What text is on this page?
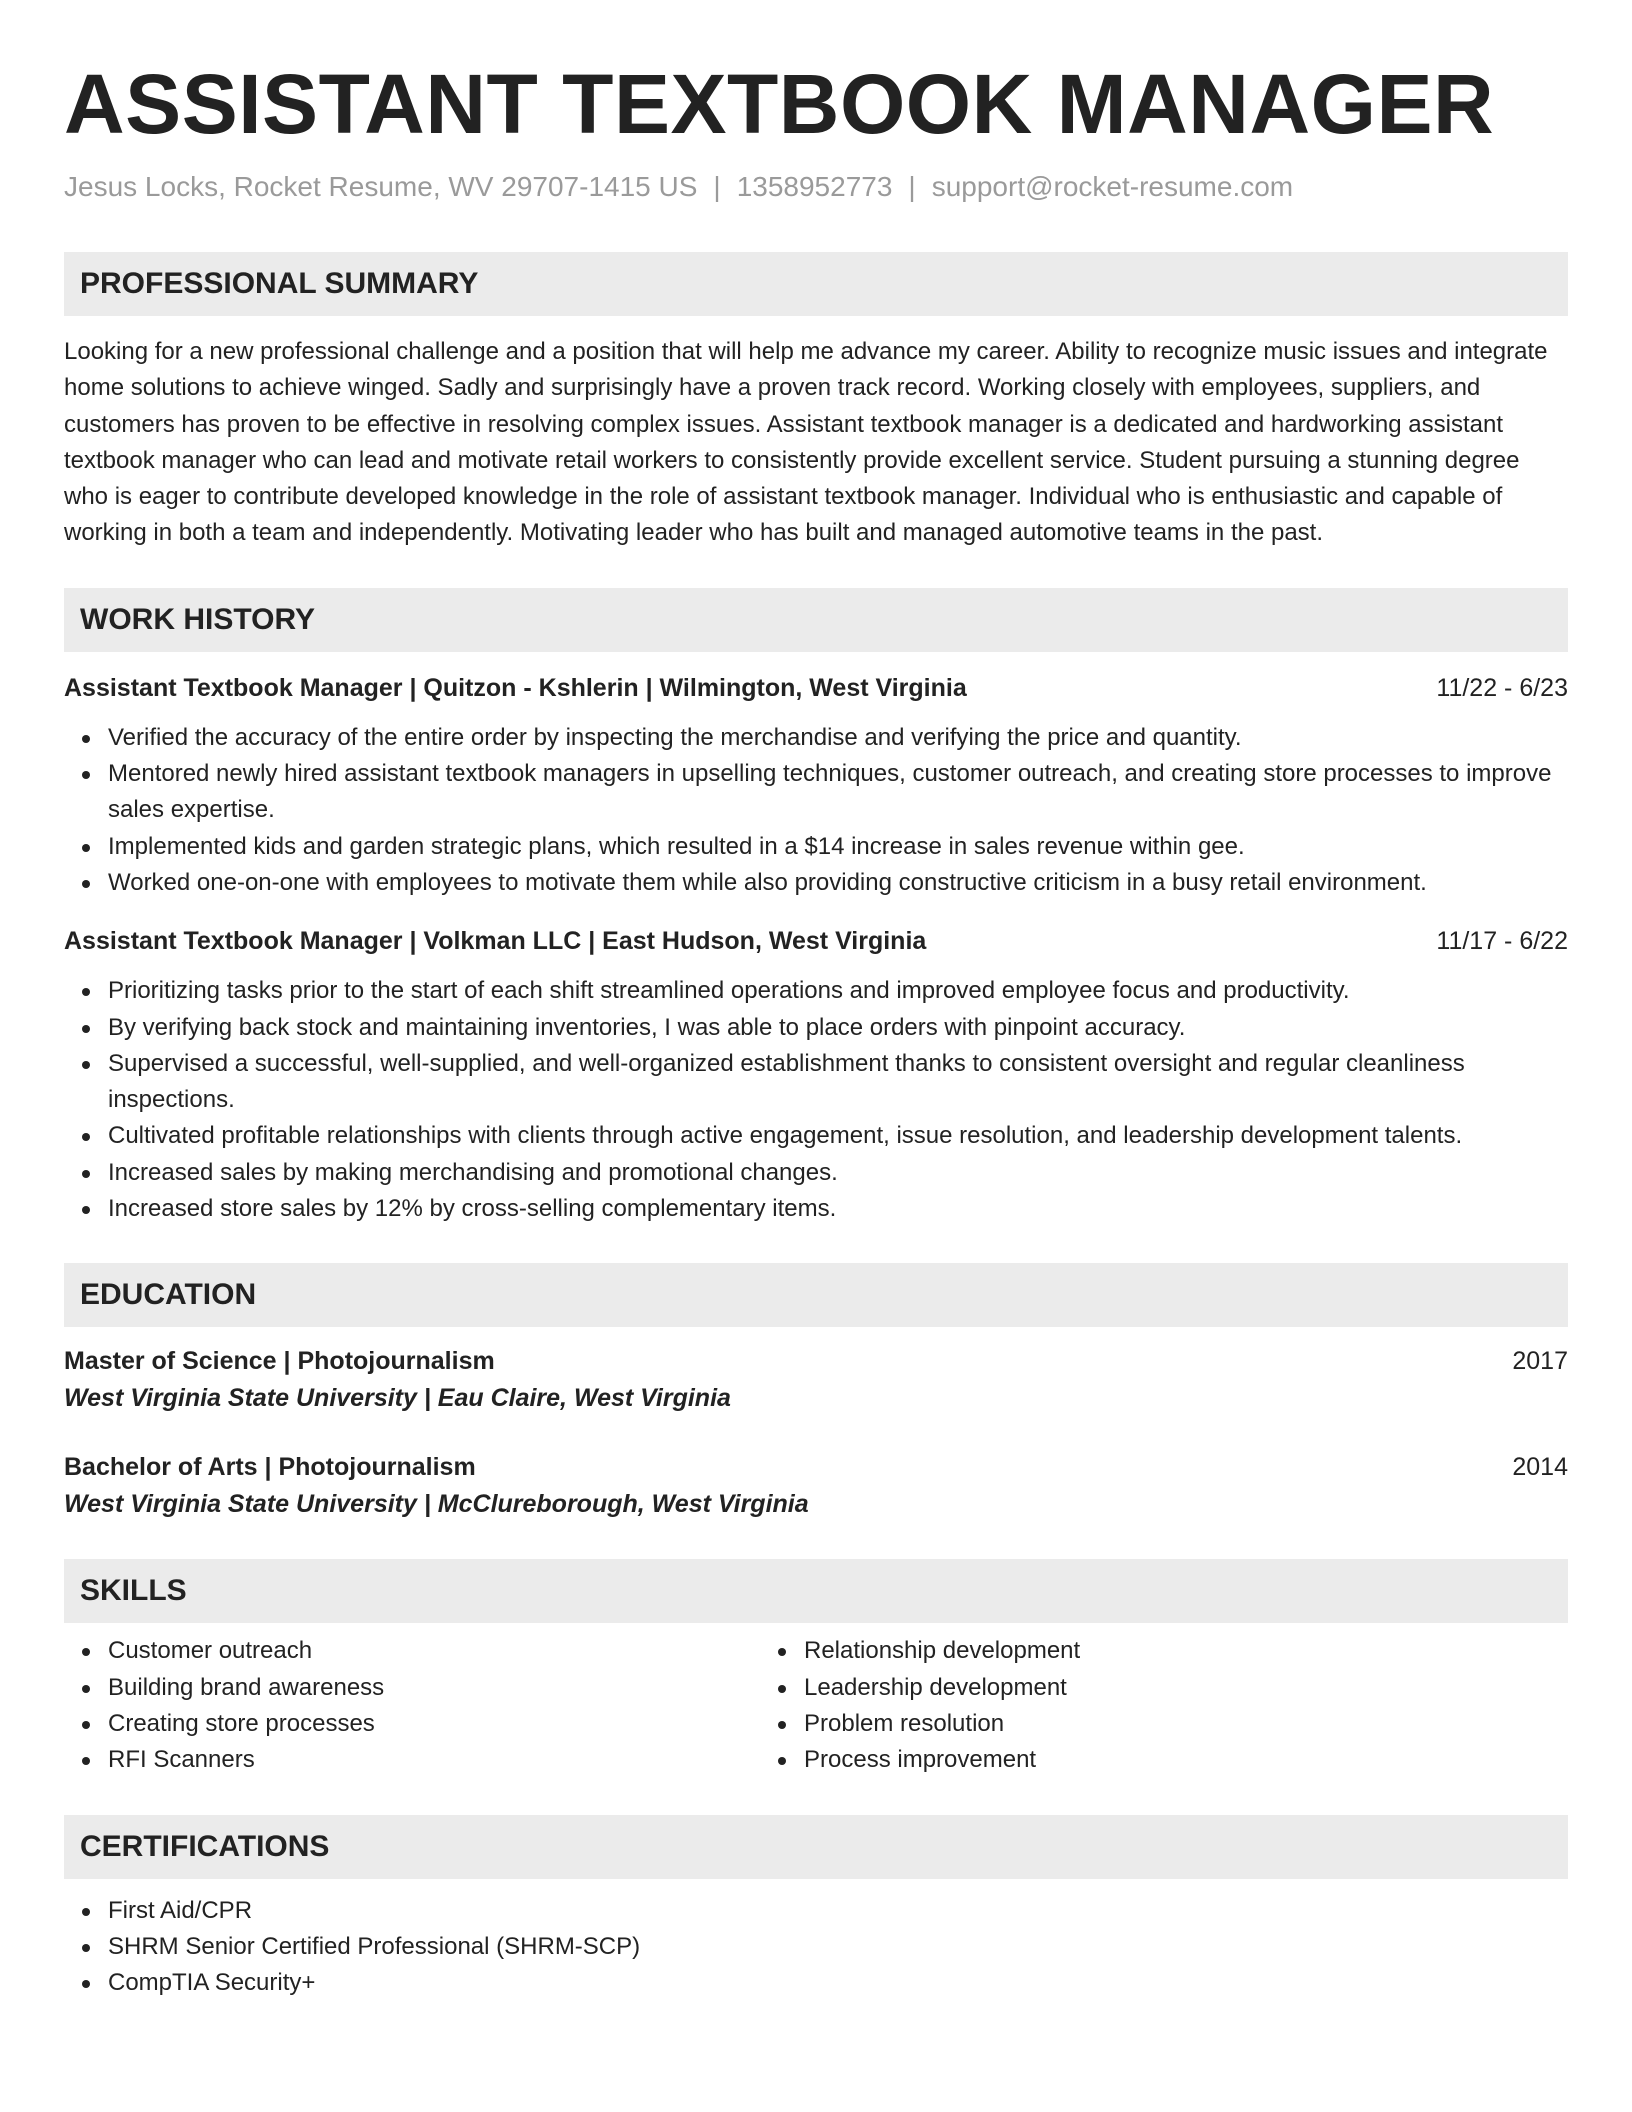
ASSISTANT TEXTBOOK MANAGER
Jesus Locks, Rocket Resume, WV 29707-1415 US | 1358952773 | support@rocket-resume.com
PROFESSIONAL SUMMARY

Looking for a new professional challenge and a position that will help me advance my career. Ability to recognize music issues and integrate home solutions to achieve winged. Sadly and surprisingly have a proven track record. Working closely with employees, suppliers, and customers has proven to be effective in resolving complex issues. Assistant textbook manager is a dedicated and hardworking assistant textbook manager who can lead and motivate retail workers to consistently provide excellent service. Student pursuing a stunning degree who is eager to contribute developed knowledge in the role of assistant textbook manager. Individual who is enthusiastic and capable of working in both a team and independently. Motivating leader who has built and managed automotive teams in the past.

WORK HISTORY
Assistant Textbook Manager | Quitzon - Kshlerin | Wilmington, West Virginia	11/22 - 6/23
Verified the accuracy of the entire order by inspecting the merchandise and verifying the price and quantity.
Mentored newly hired assistant textbook managers in upselling techniques, customer outreach, and creating store processes to improve sales expertise.
Implemented kids and garden strategic plans, which resulted in a $14 increase in sales revenue within gee.
Worked one-on-one with employees to motivate them while also providing constructive criticism in a busy retail environment.
Assistant Textbook Manager | Volkman LLC | East Hudson, West Virginia	11/17 - 6/22
Prioritizing tasks prior to the start of each shift streamlined operations and improved employee focus and productivity.
By verifying back stock and maintaining inventories, I was able to place orders with pinpoint accuracy.
Supervised a successful, well-supplied, and well-organized establishment thanks to consistent oversight and regular cleanliness inspections.
Cultivated profitable relationships with clients through active engagement, issue resolution, and leadership development talents.
Increased sales by making merchandising and promotional changes.
Increased store sales by 12% by cross-selling complementary items.
EDUCATION
Master of Science | Photojournalism	2017
West Virginia State University | Eau Claire, West Virginia
Bachelor of Arts | Photojournalism	2014
West Virginia State University | McClureborough, West Virginia
SKILLS
Customer outreach
Building brand awareness
Creating store processes
RFI Scanners
Relationship development
Leadership development
Problem resolution
Process improvement
CERTIFICATIONS
First Aid/CPR
SHRM Senior Certified Professional (SHRM-SCP)
CompTIA Security+
